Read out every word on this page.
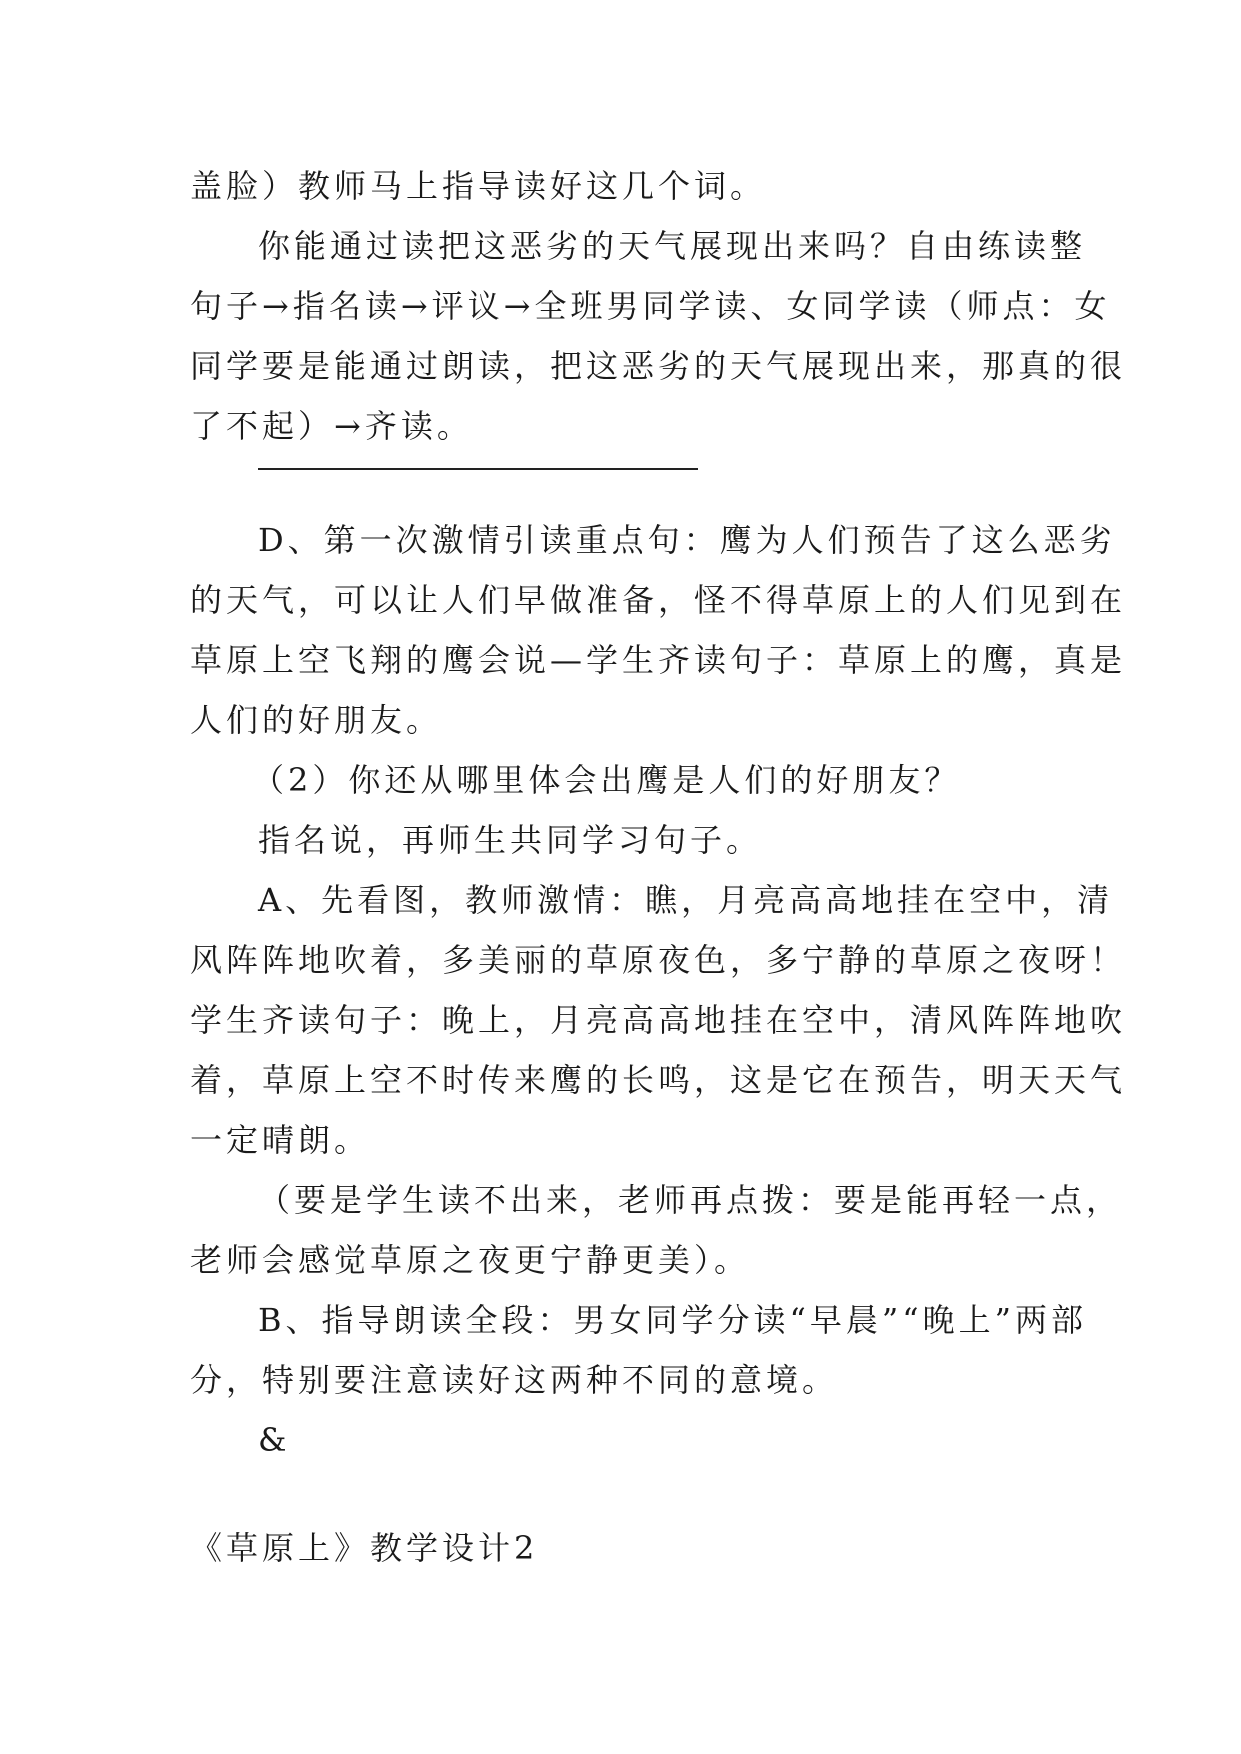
盖脸）教师马上指导读好这几个词。
你能通过读把这恶劣的天气展现出来吗？自由练读整
句子→指名读→评议→全班男同学读、女同学读（师点：女
同学要是能通过朗读，把这恶劣的天气展现出来，那真的很
了不起）→齐读。
D、第一次激情引读重点句：鹰为人们预告了这么恶劣
的天气，可以让人们早做准备，怪不得草原上的人们见到在
草原上空飞翔的鹰会说—学生齐读句子：草原上的鹰，真是
人们的好朋友。
（2）你还从哪里体会出鹰是人们的好朋友？
指名说，再师生共同学习句子。
A、先看图，教师激情：瞧，月亮高高地挂在空中，清
风阵阵地吹着，多美丽的草原夜色，多宁静的草原之夜呀！
学生齐读句子：晚上，月亮高高地挂在空中，清风阵阵地吹
着，草原上空不时传来鹰的长鸣，这是它在预告，明天天气
一定晴朗。
（要是学生读不出来，老师再点拨：要是能再轻一点，
老师会感觉草原之夜更宁静更美）。
B、指导朗读全段：男女同学分读“早晨”“晚上”两部
分，特别要注意读好这两种不同的意境。
&
《草原上》教学设计2
